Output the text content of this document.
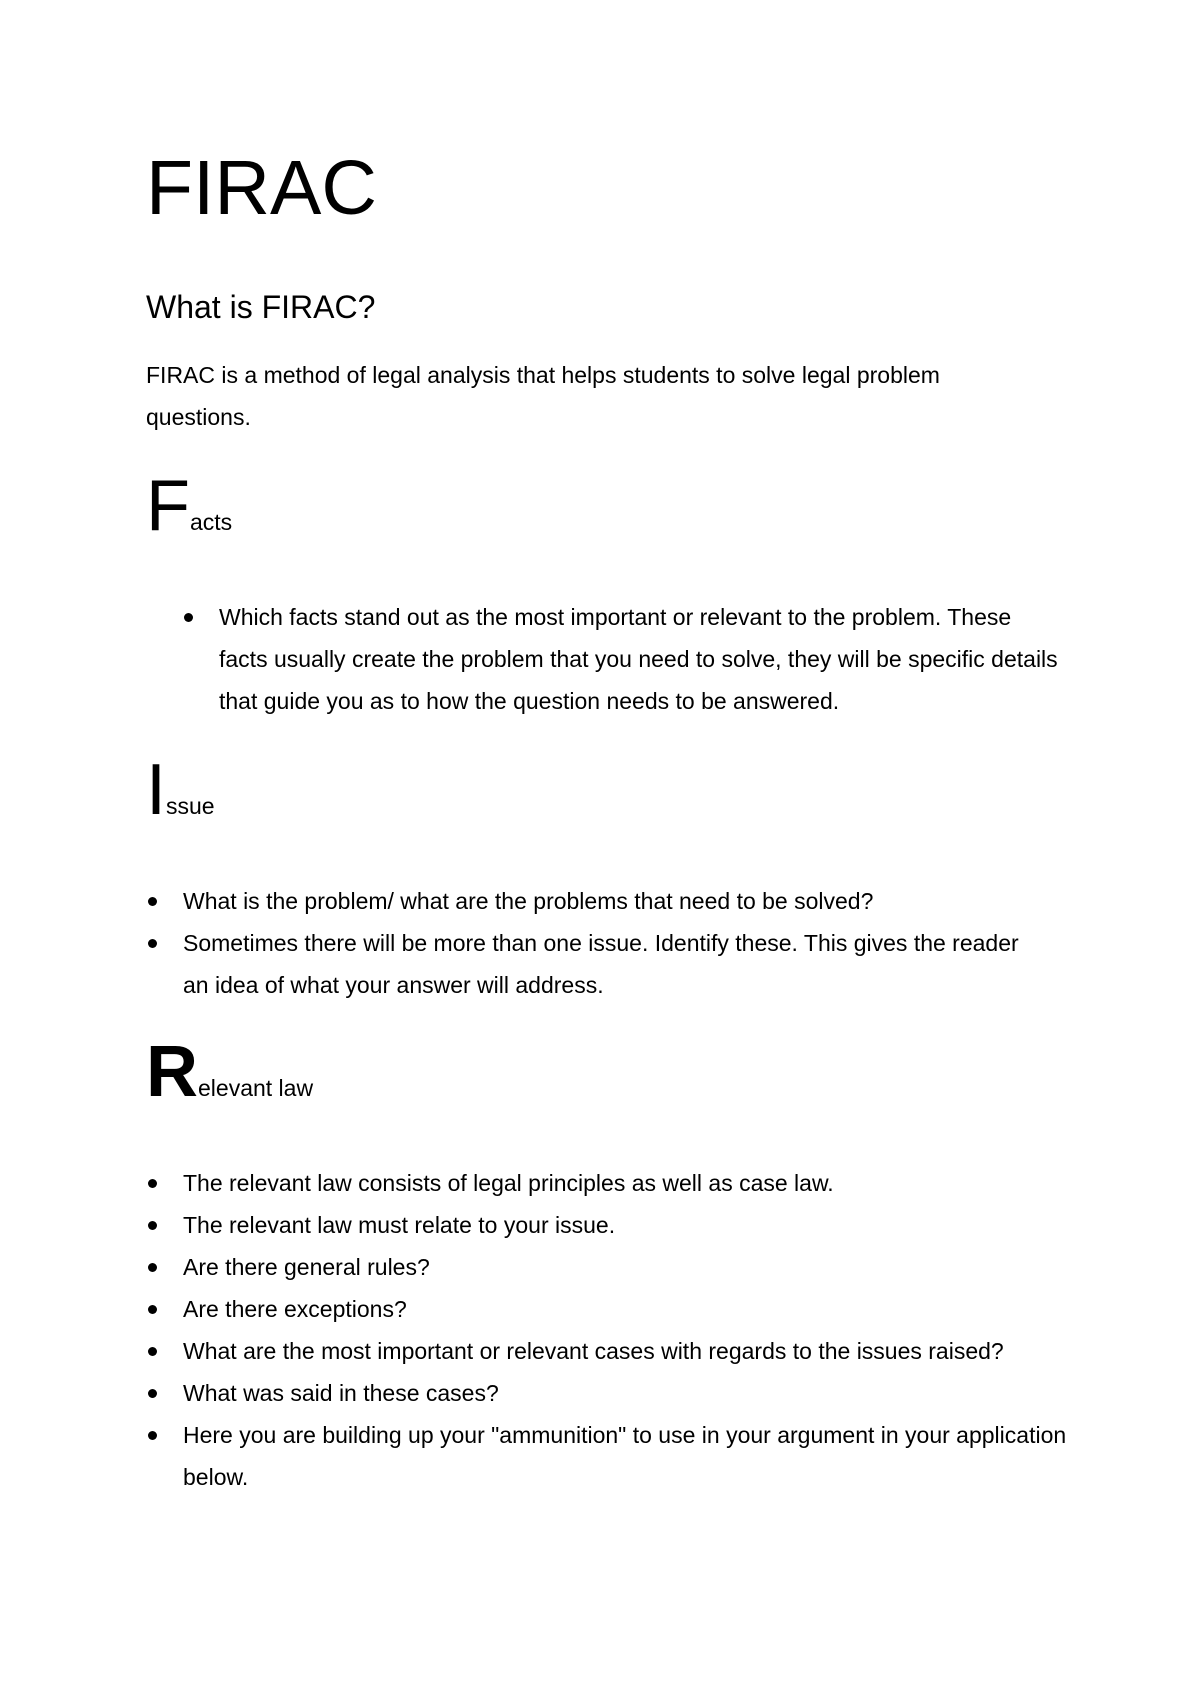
FIRAC
What is FIRAC?

FIRAC is a method of legal analysis that helps students to solve legal problem questions.

Facts
Which facts stand out as the most important or relevant to the problem. These facts usually create the problem that you need to solve, they will be specific details that guide you as to how the question needs to be answered.
Issue
What is the problem/ what are the problems that need to be solved?
Sometimes there will be more than one issue. Identify these. This gives the reader an idea of what your answer will address.
Relevant law
The relevant law consists of legal principles as well as case law.
The relevant law must relate to your issue.
Are there general rules?
Are there exceptions?
What are the most important or relevant cases with regards to the issues raised?
What was said in these cases?
Here you are building up your "ammunition" to use in your argument in your application below.
